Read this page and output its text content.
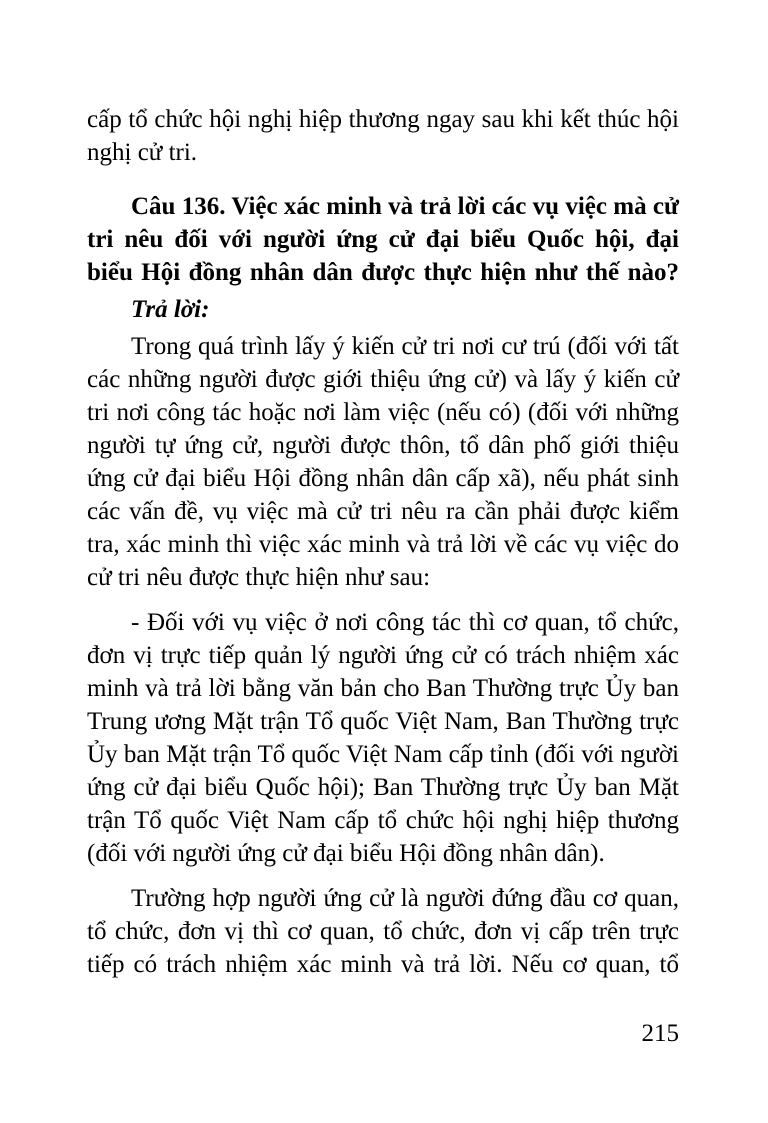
cấp tổ chức hội nghị hiệp thương ngay sau khi kết thúc hội
nghị cử tri.
Câu 136. Việc xác minh và trả lời các vụ việc mà cử
tri nêu đối với người ứng cử đại biểu Quốc hội, đại
biểu Hội đồng nhân dân được thực hiện như thế nào?
Trả lời:
Trong quá trình lấy ý kiến cử tri nơi cư trú (đối với tất
các những người được giới thiệu ứng cử) và lấy ý kiến cử
tri nơi công tác hoặc nơi làm việc (nếu có) (đối với những
người tự ứng cử, người được thôn, tổ dân phố giới thiệu
ứng cử đại biểu Hội đồng nhân dân cấp xã), nếu phát sinh
các vấn đề, vụ việc mà cử tri nêu ra cần phải được kiểm
tra, xác minh thì việc xác minh và trả lời về các vụ việc do
cử tri nêu được thực hiện như sau:
- Đối với vụ việc ở nơi công tác thì cơ quan, tổ chức,
đơn vị trực tiếp quản lý người ứng cử có trách nhiệm xác
minh và trả lời bằng văn bản cho Ban Thường trực Ủy ban
Trung ương Mặt trận Tổ quốc Việt Nam, Ban Thường trực
Ủy ban Mặt trận Tổ quốc Việt Nam cấp tỉnh (đối với người
ứng cử đại biểu Quốc hội); Ban Thường trực Ủy ban Mặt
trận Tổ quốc Việt Nam cấp tổ chức hội nghị hiệp thương
(đối với người ứng cử đại biểu Hội đồng nhân dân).
Trường hợp người ứng cử là người đứng đầu cơ quan,
tổ chức, đơn vị thì cơ quan, tổ chức, đơn vị cấp trên trực
tiếp có trách nhiệm xác minh và trả lời. Nếu cơ quan, tổ
215
